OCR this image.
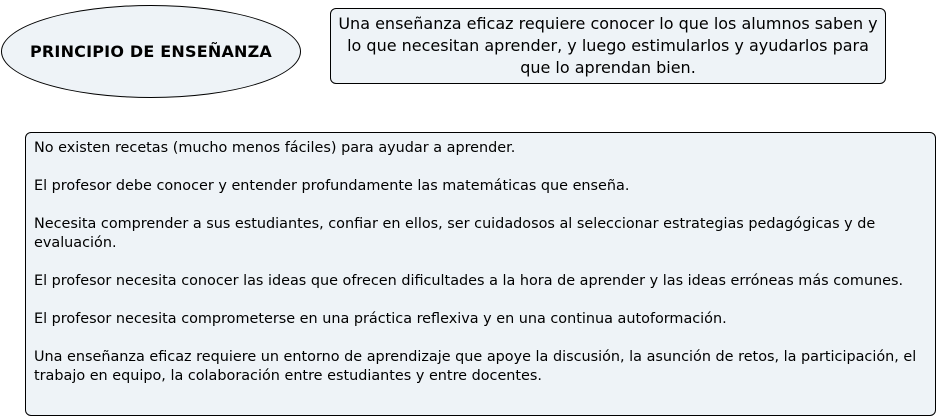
PRINCIPIO DE ENSEÑANZA

Una enseñanza eficaz requiere conocer lo que los alumnos saben y lo que necesitan aprender, y luego estimularlos y ayudarlos para que lo aprendan bien.

No existen recetas (mucho menos fáciles) para ayudar a aprender.

El profesor debe conocer y entender profundamente las matemáticas que enseña.

Necesita comprender a sus estudiantes, confiar en ellos, ser cuidadosos al seleccionar estrategias pedagógicas y de evaluación.

El profesor necesita conocer las ideas que ofrecen dificultades a la hora de aprender y las ideas erróneas más comunes.

El profesor necesita comprometerse en una práctica reflexiva y en una continua autoformación.

Una enseñanza eficaz requiere un entorno de aprendizaje que apoye la discusión, la asunción de retos, la participación, el trabajo en equipo, la colaboración entre estudiantes y entre docentes.
